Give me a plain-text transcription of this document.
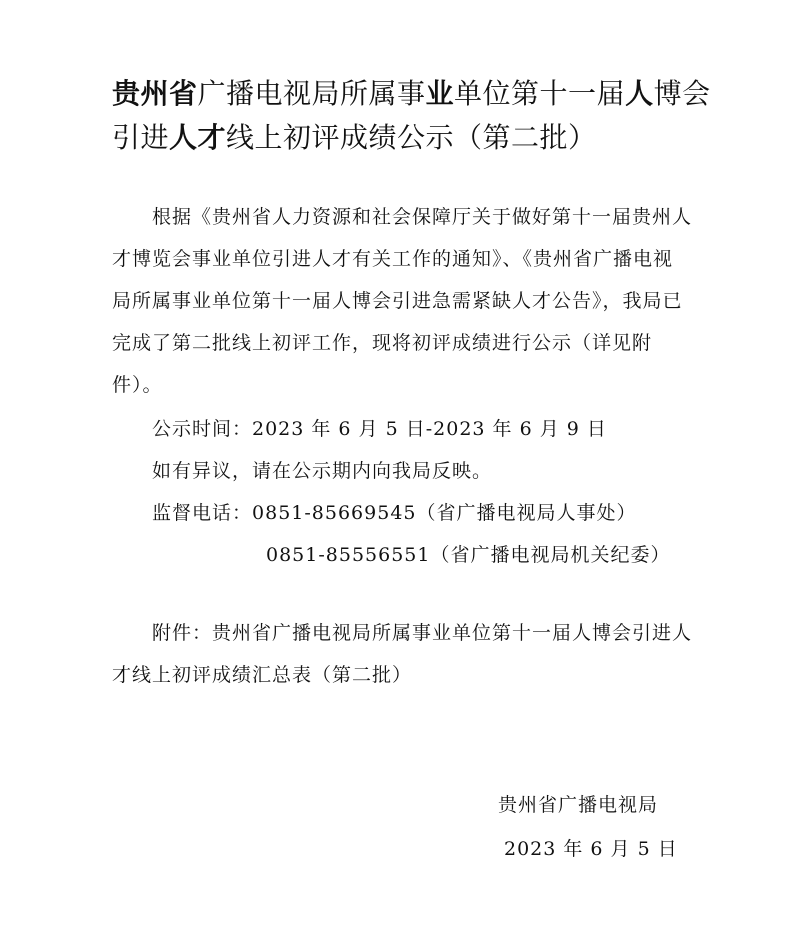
贵州省广播电视局所属事业单位第十一届人博会引进人才线上初评成绩公示（第二批）

根据《贵州省人力资源和社会保障厅关于做好第十一届贵州人才博览会事业单位引进人才有关工作的通知》、《贵州省广播电视局所属事业单位第十一届人博会引进急需紧缺人才公告》，我局已完成了第二批线上初评工作，现将初评成绩进行公示（详见附件）。

公示时间：2023 年 6 月 5 日-2023 年 6 月 9 日
如有异议，请在公示期内向我局反映。
监督电话：0851-85669545（省广播电视局人事处）
0851-85556551（省广播电视局机关纪委）

附件：贵州省广播电视局所属事业单位第十一届人博会引进人才线上初评成绩汇总表（第二批）

贵州省广播电视局
2023 年 6 月 5 日
